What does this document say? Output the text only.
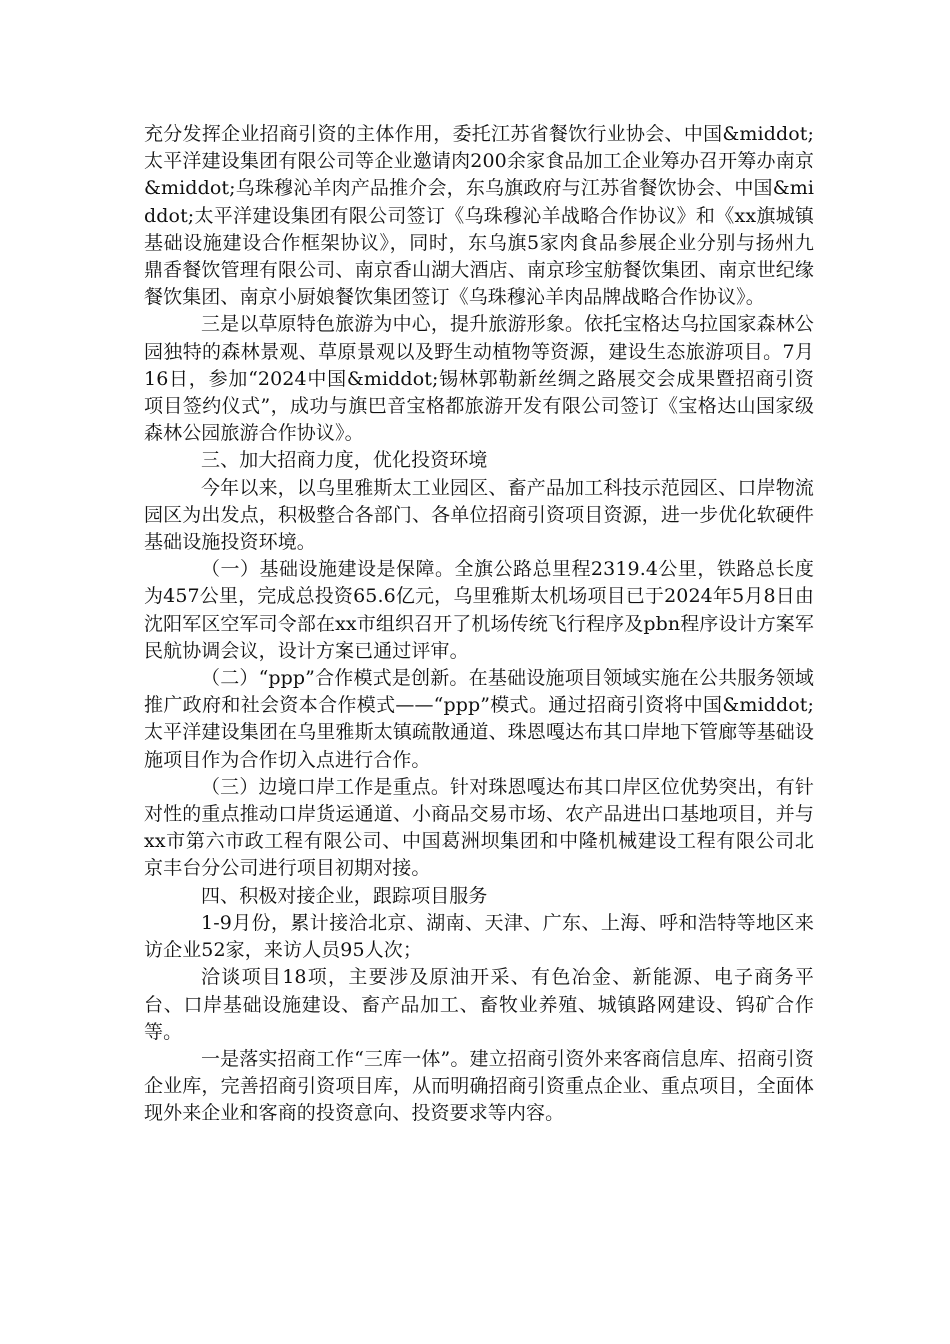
充分发挥企业招商引资的主体作用，委托江苏省餐饮行业协会、中国&middot;太平洋建设集团有限公司等企业邀请肉200余家食品加工企业筹办召开筹办南京&middot;乌珠穆沁羊肉产品推介会，东乌旗政府与江苏省餐饮协会、中国&middot;太平洋建设集团有限公司签订《乌珠穆沁羊战略合作协议》和《xx旗城镇基础设施建设合作框架协议》，同时，东乌旗5家肉食品参展企业分别与扬州九鼎香餐饮管理有限公司、南京香山湖大酒店、南京珍宝舫餐饮集团、南京世纪缘餐饮集团、南京小厨娘餐饮集团签订《乌珠穆沁羊肉品牌战略合作协议》。

三是以草原特色旅游为中心，提升旅游形象。依托宝格达乌拉国家森林公园独特的森林景观、草原景观以及野生动植物等资源，建设生态旅游项目。7月16日，参加“2024中国&middot;锡林郭勒新丝绸之路展交会成果暨招商引资项目签约仪式”，成功与旗巴音宝格都旅游开发有限公司签订《宝格达山国家级森林公园旅游合作协议》。

三、加大招商力度，优化投资环境

今年以来，以乌里雅斯太工业园区、畜产品加工科技示范园区、口岸物流园区为出发点，积极整合各部门、各单位招商引资项目资源，进一步优化软硬件基础设施投资环境。

（一）基础设施建设是保障。全旗公路总里程2319.4公里，铁路总长度为457公里，完成总投资65.6亿元，乌里雅斯太机场项目已于2024年5月8日由沈阳军区空军司令部在xx市组织召开了机场传统飞行程序及pbn程序设计方案军民航协调会议，设计方案已通过评审。

（二）“ppp”合作模式是创新。在基础设施项目领域实施在公共服务领域推广政府和社会资本合作模式——“ppp”模式。通过招商引资将中国&middot;太平洋建设集团在乌里雅斯太镇疏散通道、珠恩嘎达布其口岸地下管廊等基础设施项目作为合作切入点进行合作。

（三）边境口岸工作是重点。针对珠恩嘎达布其口岸区位优势突出，有针对性的重点推动口岸货运通道、小商品交易市场、农产品进出口基地项目，并与xx市第六市政工程有限公司、中国葛洲坝集团和中隆机械建设工程有限公司北京丰台分公司进行项目初期对接。

四、积极对接企业，跟踪项目服务

1-9月份，累计接洽北京、湖南、天津、广东、上海、呼和浩特等地区来访企业52家，来访人员95人次；

洽谈项目18项，主要涉及原油开采、有色冶金、新能源、电子商务平台、口岸基础设施建设、畜产品加工、畜牧业养殖、城镇路网建设、钨矿合作等。

一是落实招商工作“三库一体”。建立招商引资外来客商信息库、招商引资企业库，完善招商引资项目库，从而明确招商引资重点企业、重点项目，全面体现外来企业和客商的投资意向、投资要求等内容。
